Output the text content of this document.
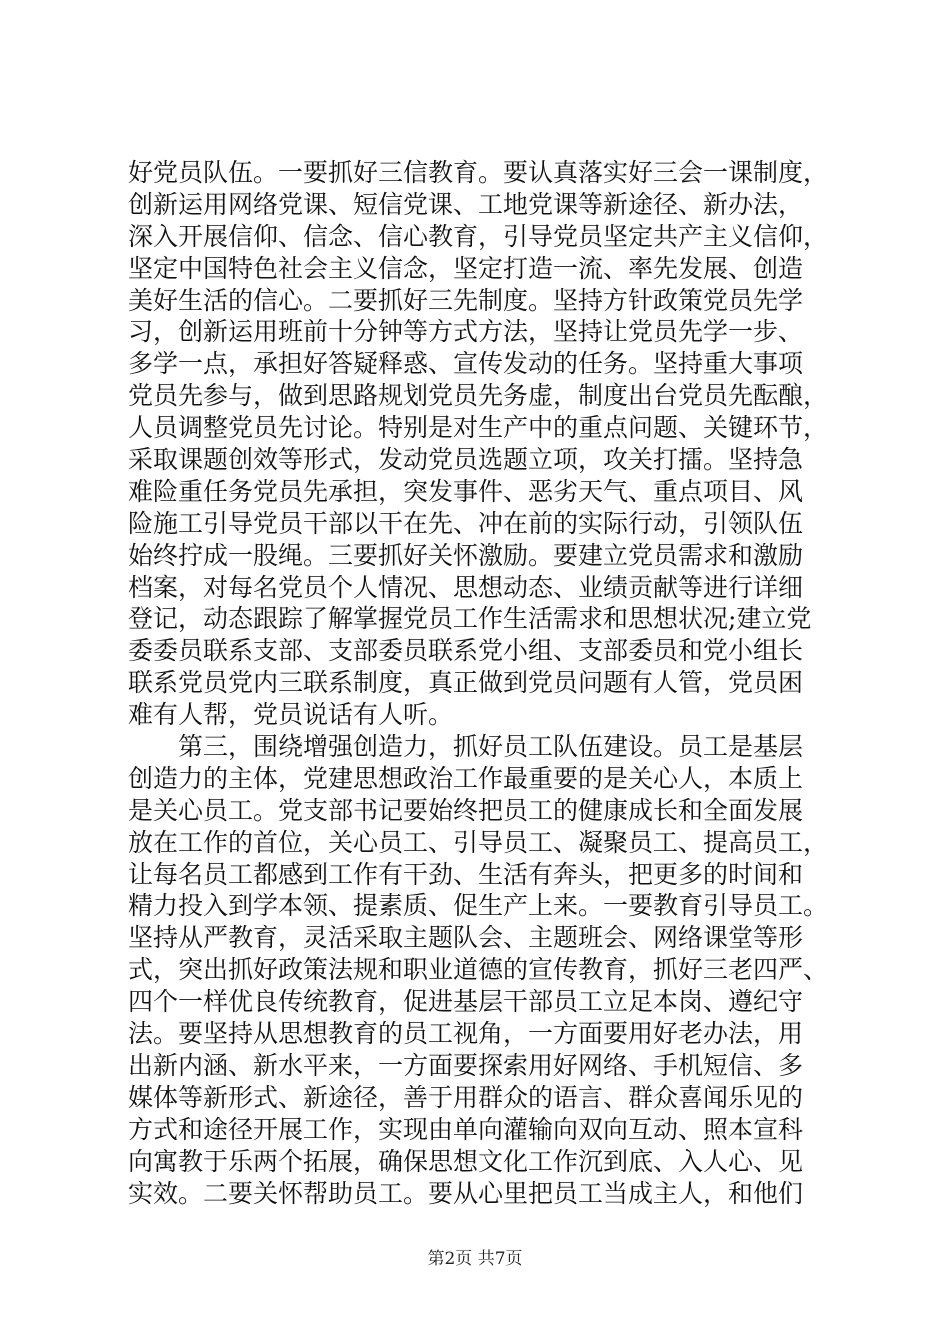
好党员队伍。一要抓好三信教育。要认真落实好三会一课制度，
创新运用网络党课、短信党课、工地党课等新途径、新办法，
深入开展信仰、信念、信心教育，引导党员坚定共产主义信仰，
坚定中国特色社会主义信念，坚定打造一流、率先发展、创造
美好生活的信心。二要抓好三先制度。坚持方针政策党员先学
习，创新运用班前十分钟等方式方法，坚持让党员先学一步、
多学一点，承担好答疑释惑、宣传发动的任务。坚持重大事项
党员先参与，做到思路规划党员先务虚，制度出台党员先酝酿，
人员调整党员先讨论。特别是对生产中的重点问题、关键环节，
采取课题创效等形式，发动党员选题立项，攻关打擂。坚持急
难险重任务党员先承担，突发事件、恶劣天气、重点项目、风
险施工引导党员干部以干在先、冲在前的实际行动，引领队伍
始终拧成一股绳。三要抓好关怀激励。要建立党员需求和激励
档案，对每名党员个人情况、思想动态、业绩贡献等进行详细
登记，动态跟踪了解掌握党员工作生活需求和思想状况;建立党
委委员联系支部、支部委员联系党小组、支部委员和党小组长
联系党员党内三联系制度，真正做到党员问题有人管，党员困
难有人帮，党员说话有人听。
第三，围绕增强创造力，抓好员工队伍建设。员工是基层
创造力的主体，党建思想政治工作最重要的是关心人，本质上
是关心员工。党支部书记要始终把员工的健康成长和全面发展
放在工作的首位，关心员工、引导员工、凝聚员工、提高员工，
让每名员工都感到工作有干劲、生活有奔头，把更多的时间和
精力投入到学本领、提素质、促生产上来。一要教育引导员工。
坚持从严教育，灵活采取主题队会、主题班会、网络课堂等形
式，突出抓好政策法规和职业道德的宣传教育，抓好三老四严、
四个一样优良传统教育，促进基层干部员工立足本岗、遵纪守
法。要坚持从思想教育的员工视角，一方面要用好老办法，用
出新内涵、新水平来，一方面要探索用好网络、手机短信、多
媒体等新形式、新途径，善于用群众的语言、群众喜闻乐见的
方式和途径开展工作，实现由单向灌输向双向互动、照本宣科
向寓教于乐两个拓展，确保思想文化工作沉到底、入人心、见
实效。二要关怀帮助员工。要从心里把员工当成主人，和他们
第2页 共7页
